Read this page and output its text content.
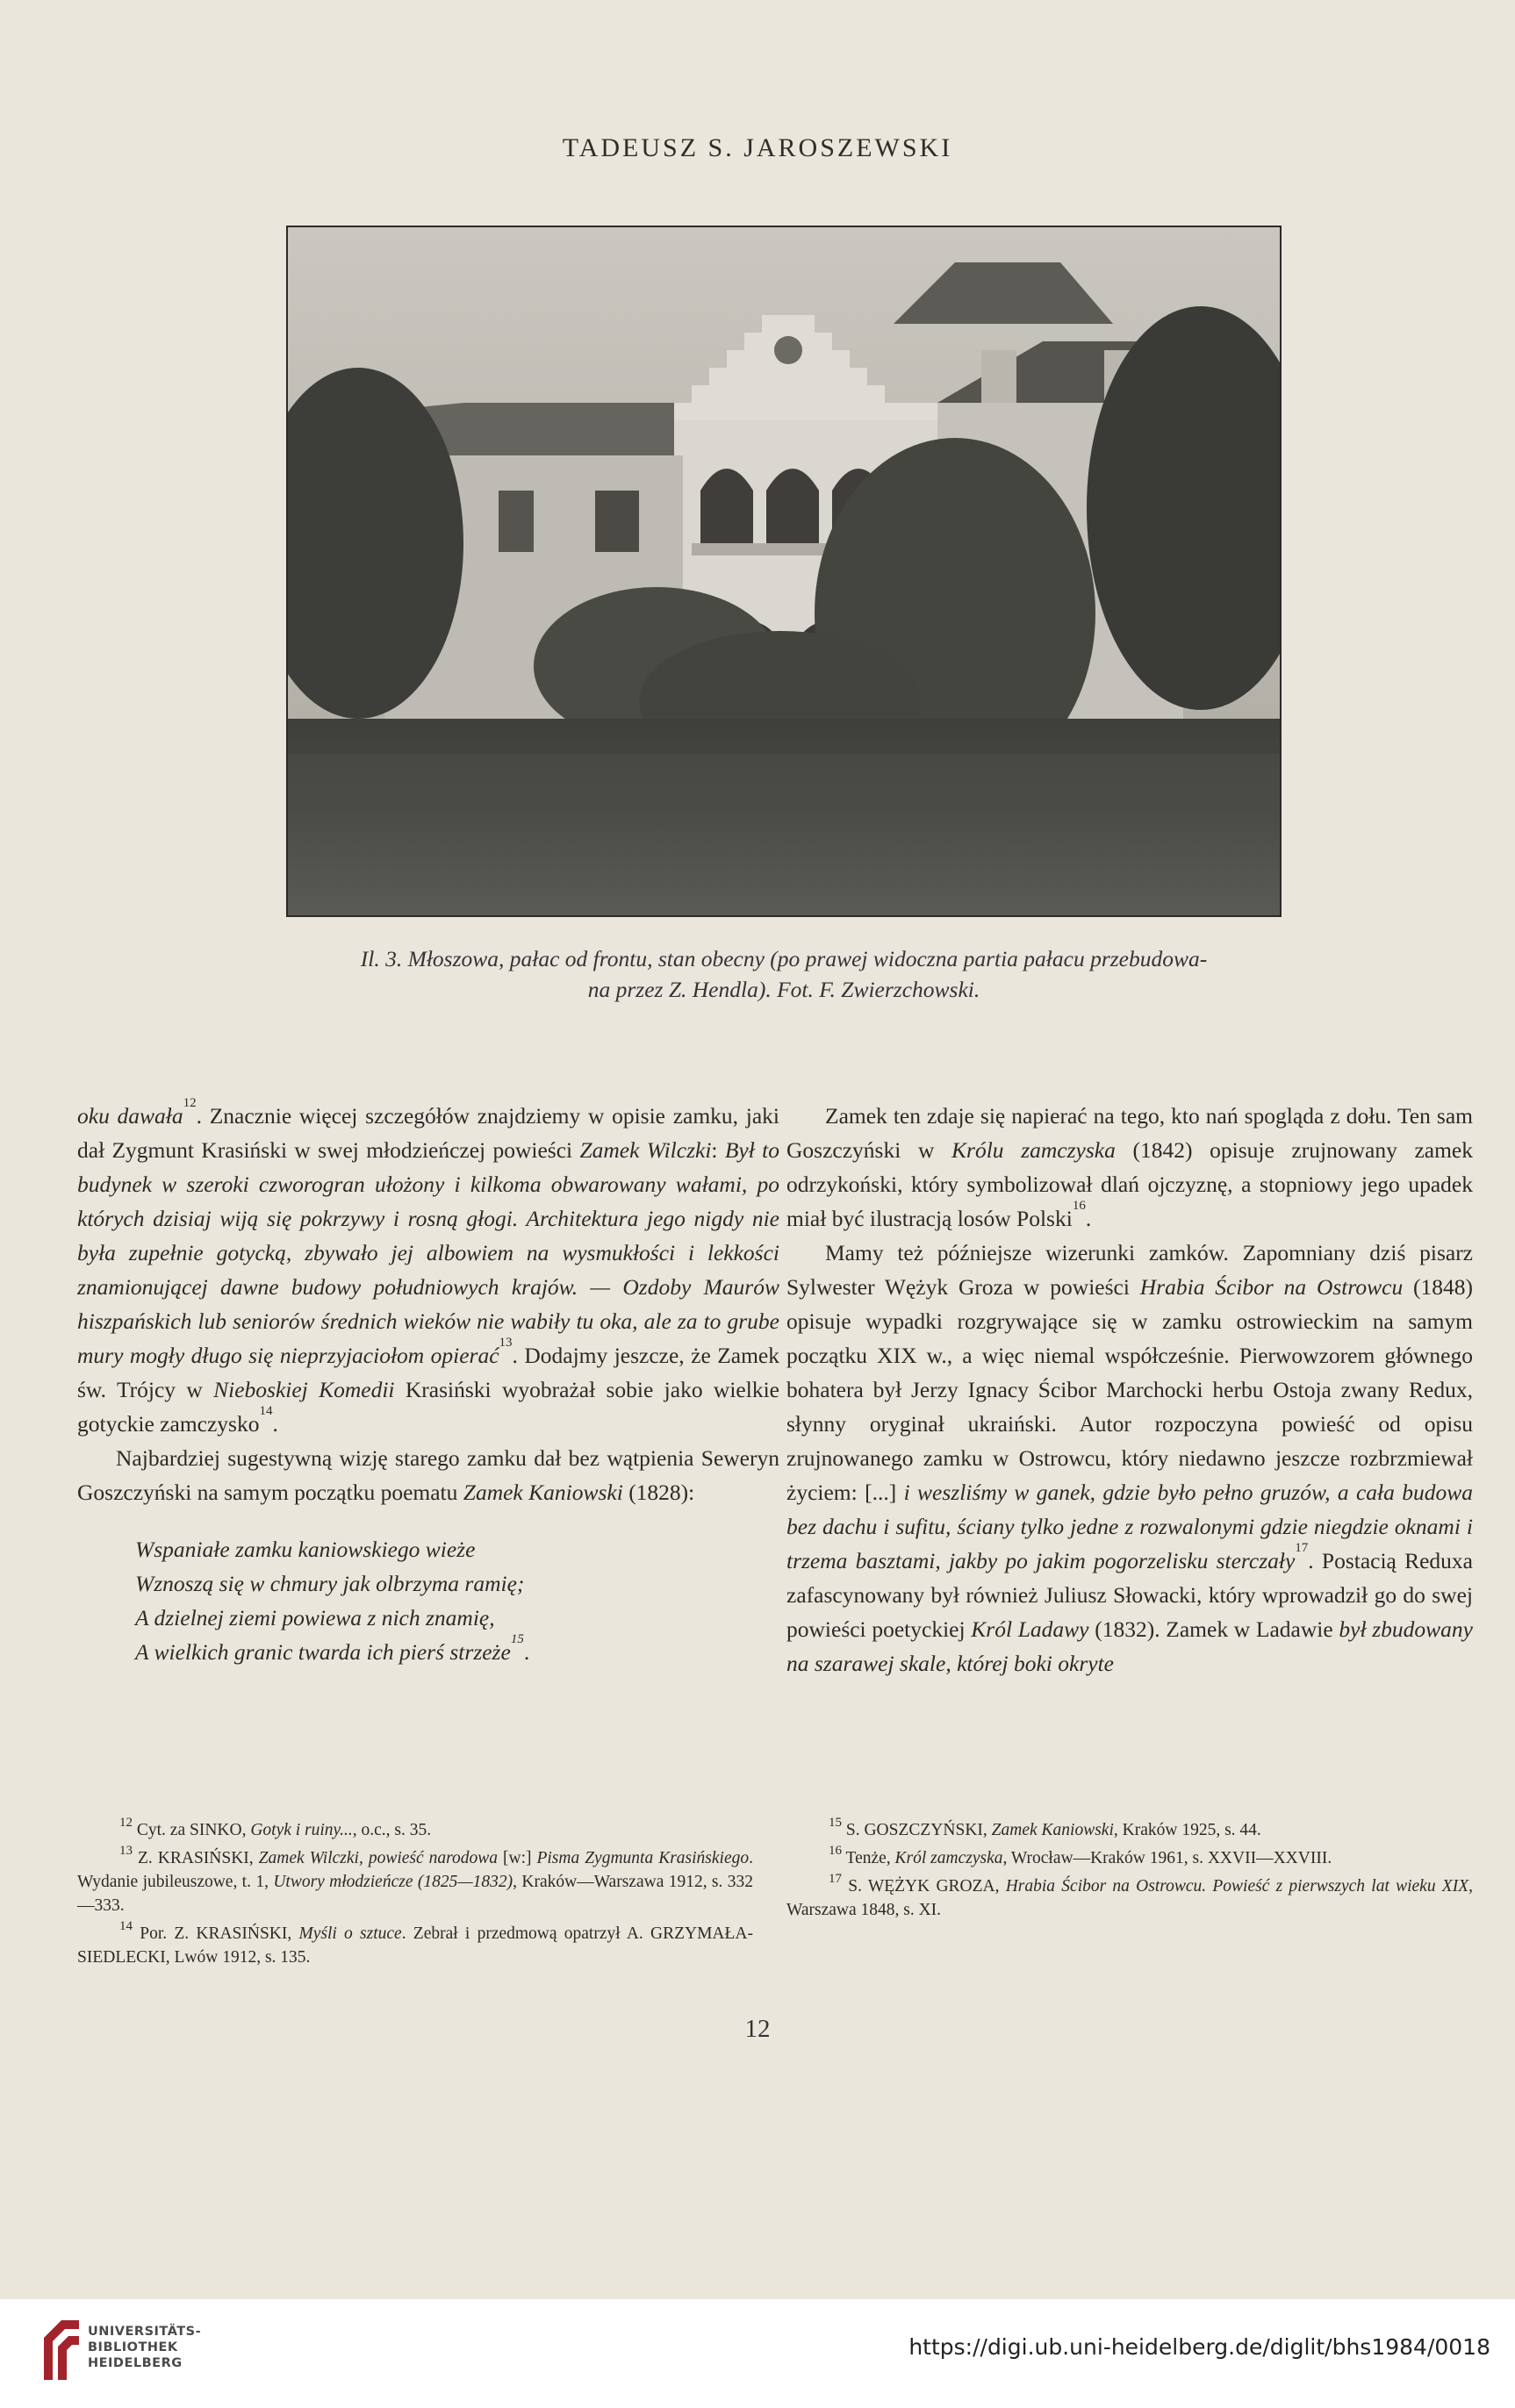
TADEUSZ S. JAROSZEWSKI
Il. 3. Młoszowa, pałac od frontu, stan obecny (po prawej widoczna partia pałacu przebudowa-
na przez Z. Hendla). Fot. F. Zwierzchowski.

oku dawała$^{12}$. Znacznie więcej szczegółów znajdziemy w opisie zamku, jaki dał Zygmunt Krasiński w swej młodzieńczej powieści Zamek Wilczki: Był to budynek w szeroki czworogran ułożony i kilkoma obwarowany wałami, po których dzisiaj wiją się pokrzywy i rosną głogi. Architektura jego nigdy nie była zupełnie gotycką, zbywało jej albowiem na wysmukłości i lekkości znamionującej dawne budowy południowych krajów. — Ozdoby Maurów hiszpańskich lub seniorów średnich wieków nie wabiły tu oka, ale za to grube mury mogły długo się nieprzyjaciołom opierać$^{13}$. Dodajmy jeszcze, że Zamek św. Trójcy w Nieboskiej Komedii Krasiński wyobrażał sobie jako wielkie gotyckie zamczysko$^{14}$.

Najbardziej sugestywną wizję starego zamku dał bez wątpienia Seweryn Goszczyński na samym początku poematu Zamek Kaniowski (1828):

Wspaniałe zamku kaniowskiego wieże
Wznoszą się w chmury jak olbrzyma ramię;
A dzielnej ziemi powiewa z nich znamię,
A wielkich granic twarda ich pierś strzeże$^{15}$.

Zamek ten zdaje się napierać na tego, kto nań spogląda z dołu. Ten sam Goszczyński w Królu zamczyska (1842) opisuje zrujnowany zamek odrzykoński, który symbolizował dlań ojczyznę, a stopniowy jego upadek miał być ilustracją losów Polski$^{16}$.

Mamy też późniejsze wizerunki zamków. Zapomniany dziś pisarz Sylwester Wężyk Groza w powieści Hrabia Ścibor na Ostrowcu (1848) opisuje wypadki rozgrywające się w zamku ostrowieckim na samym początku XIX w., a więc niemal współcześnie. Pierwowzorem głównego bohatera był Jerzy Ignacy Ścibor Marchocki herbu Ostoja zwany Redux, słynny oryginał ukraiński. Autor rozpoczyna powieść od opisu zrujnowanego zamku w Ostrowcu, który niedawno jeszcze rozbrzmiewał życiem: [...] i weszliśmy w ganek, gdzie było pełno gruzów, a cała budowa bez dachu i sufitu, ściany tylko jedne z rozwalonymi gdzie niegdzie oknami i trzema basztami, jakby po jakim pogorzelisku sterczały$^{17}$. Postacią Reduxa zafascynowany był również Juliusz Słowacki, który wprowadził go do swej powieści poetyckiej Król Ladawy (1832). Zamek w Ladawie był zbudowany na szarawej skale, której boki okryte

$^{12}$ Cyt. za SINKO, Gotyk i ruiny..., o.c., s. 35.

$^{13}$ Z. KRASIŃSKI, Zamek Wilczki, powieść narodowa [w:] Pisma Zygmunta Krasińskiego. Wydanie jubileuszowe, t. 1, Utwory młodzieńcze (1825—1832), Kraków—Warszawa 1912, s. 332—333.

$^{14}$ Por. Z. KRASIŃSKI, Myśli o sztuce. Zebrał i przedmową opatrzył A. GRZYMAŁA-SIEDLECKI, Lwów 1912, s. 135.

$^{15}$ S. GOSZCZYŃSKI, Zamek Kaniowski, Kraków 1925, s. 44.

$^{16}$ Tenże, Król zamczyska, Wrocław—Kraków 1961, s. XXVII—XXVIII.

$^{17}$ S. WĘŻYK GROZA, Hrabia Ścibor na Ostrowcu. Powieść z pierwszych lat wieku XIX, Warszawa 1848, s. XI.

12
UNIVERSITÄTS-
BIBLIOTHEK
HEIDELBERG
https://digi.ub.uni-heidelberg.de/diglit/bhs1984/0018
